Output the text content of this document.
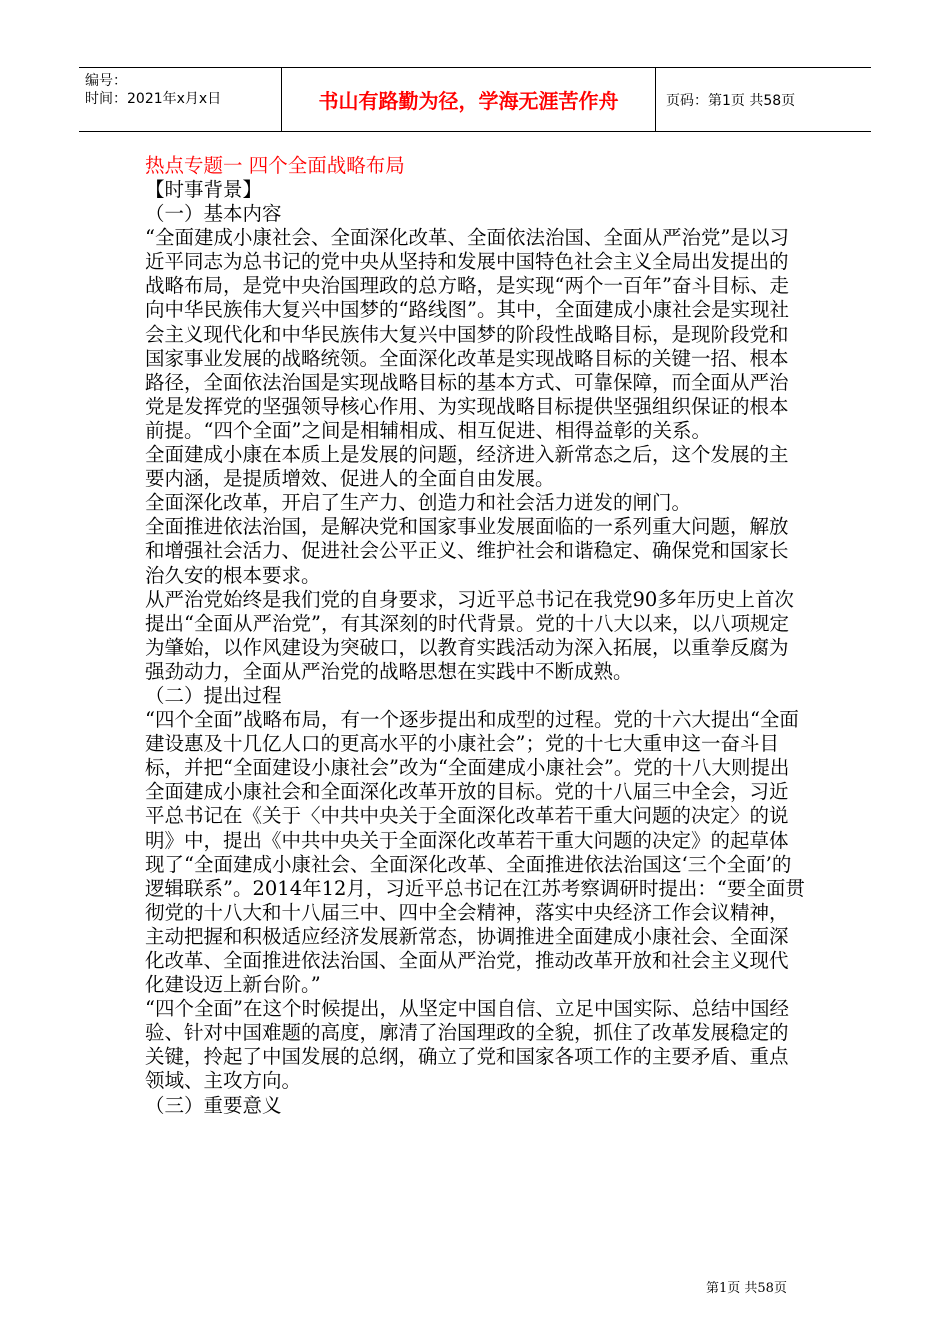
编号：
时间：2021年x月x日	书山有路勤为径，学海无涯苦作舟	页码：第1页 共58页

热点专题一 四个全面战略布局

【时事背景】

（一）基本内容

“全面建成小康社会、全面深化改革、全面依法治国、全面从严治党”是以习近平同志为总书记的党中央从坚持和发展中国特色社会主义全局出发提出的战略布局，是党中央治国理政的总方略，是实现“两个一百年”奋斗目标、走向中华民族伟大复兴中国梦的“路线图”。其中，全面建成小康社会是实现社会主义现代化和中华民族伟大复兴中国梦的阶段性战略目标，是现阶段党和国家事业发展的战略统领。全面深化改革是实现战略目标的关键一招、根本路径，全面依法治国是实现战略目标的基本方式、可靠保障，而全面从严治党是发挥党的坚强领导核心作用、为实现战略目标提供坚强组织保证的根本前提。“四个全面”之间是相辅相成、相互促进、相得益彰的关系。

全面建成小康在本质上是发展的问题，经济进入新常态之后，这个发展的主要内涵，是提质增效、促进人的全面自由发展。

全面深化改革，开启了生产力、创造力和社会活力迸发的闸门。

全面推进依法治国，是解决党和国家事业发展面临的一系列重大问题，解放和增强社会活力、促进社会公平正义、维护社会和谐稳定、确保党和国家长治久安的根本要求。

从严治党始终是我们党的自身要求，习近平总书记在我党90多年历史上首次提出“全面从严治党”，有其深刻的时代背景。党的十八大以来，以八项规定为肇始，以作风建设为突破口，以教育实践活动为深入拓展，以重拳反腐为强劲动力，全面从严治党的战略思想在实践中不断成熟。

（二）提出过程

“四个全面”战略布局，有一个逐步提出和成型的过程。党的十六大提出“全面建设惠及十几亿人口的更高水平的小康社会”；党的十七大重申这一奋斗目标，并把“全面建设小康社会”改为“全面建成小康社会”。党的十八大则提出全面建成小康社会和全面深化改革开放的目标。党的十八届三中全会，习近平总书记在《关于〈中共中央关于全面深化改革若干重大问题的决定〉的说明》中，提出《中共中央关于全面深化改革若干重大问题的决定》的起草体现了“全面建成小康社会、全面深化改革、全面推进依法治国这‘三个全面’的逻辑联系”。2014年12月，习近平总书记在江苏考察调研时提出：“要全面贯彻党的十八大和十八届三中、四中全会精神，落实中央经济工作会议精神，主动把握和积极适应经济发展新常态，协调推进全面建成小康社会、全面深化改革、全面推进依法治国、全面从严治党，推动改革开放和社会主义现代化建设迈上新台阶。”

“四个全面”在这个时候提出，从坚定中国自信、立足中国实际、总结中国经验、针对中国难题的高度，廓清了治国理政的全貌，抓住了改革发展稳定的关键，拎起了中国发展的总纲，确立了党和国家各项工作的主要矛盾、重点领域、主攻方向。

（三）重要意义

第1页 共58页
